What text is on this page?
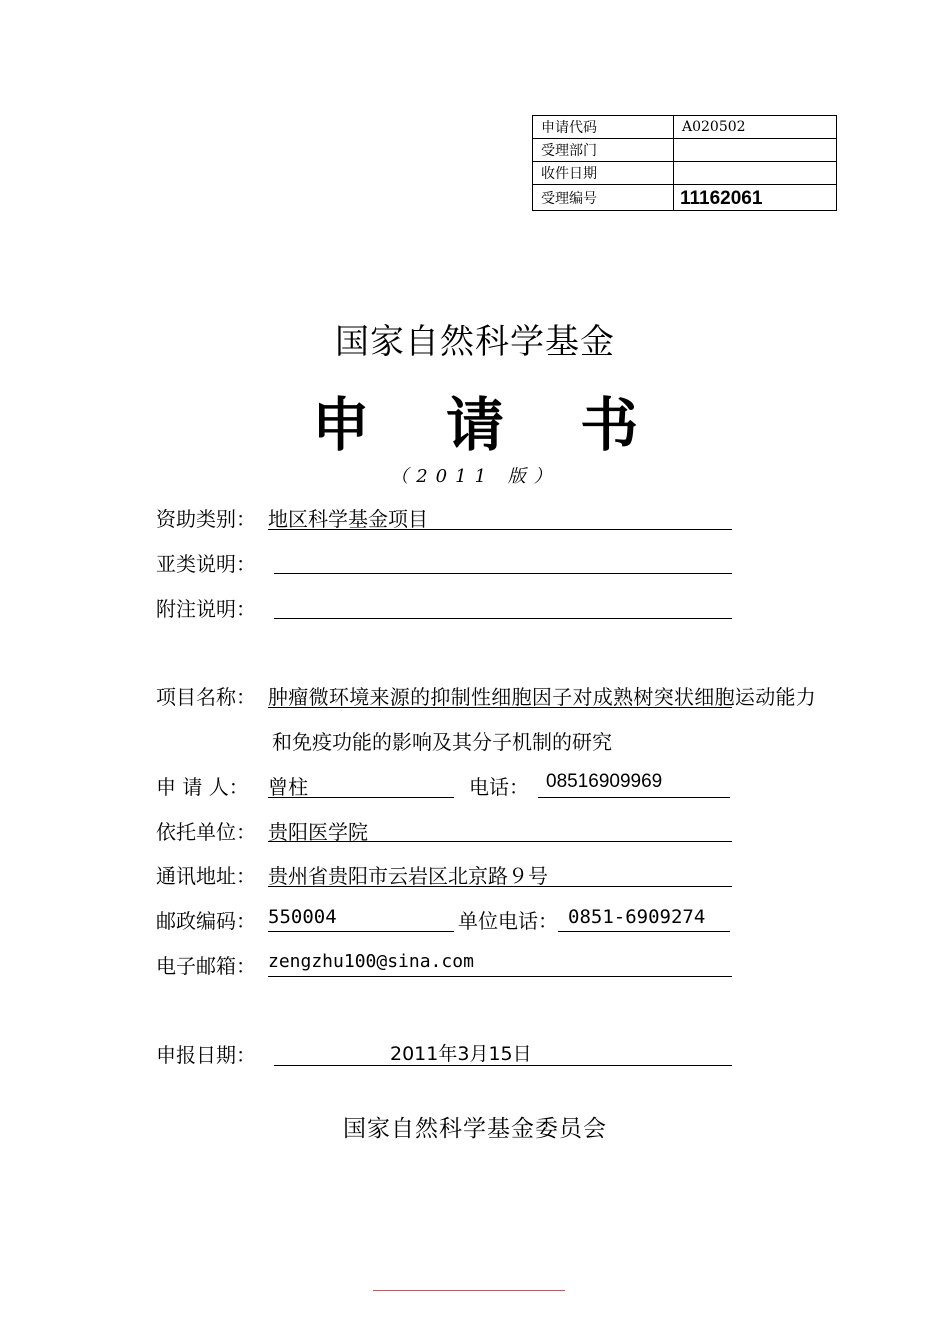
申请代码	A020502
受理部门	
收件日期	
受理编号	11162061
国家自然科学基金
申 请 书
（2011 版）
资助类别： 地区科学基金项目
亚类说明：
附注说明：
项目名称： 肿瘤微环境来源的抑制性细胞因子对成熟树突状细胞运动能力
和免疫功能的影响及其分子机制的研究
申 请 人： 曾柱	电话： 08516909969
依托单位： 贵阳医学院
通讯地址： 贵州省贵阳市云岩区北京路９号
邮政编码： 550004	单位电话： 0851-6909274
电子邮箱： zengzhu100@sina.com
申报日期：	2011年3月15日
国家自然科学基金委员会
